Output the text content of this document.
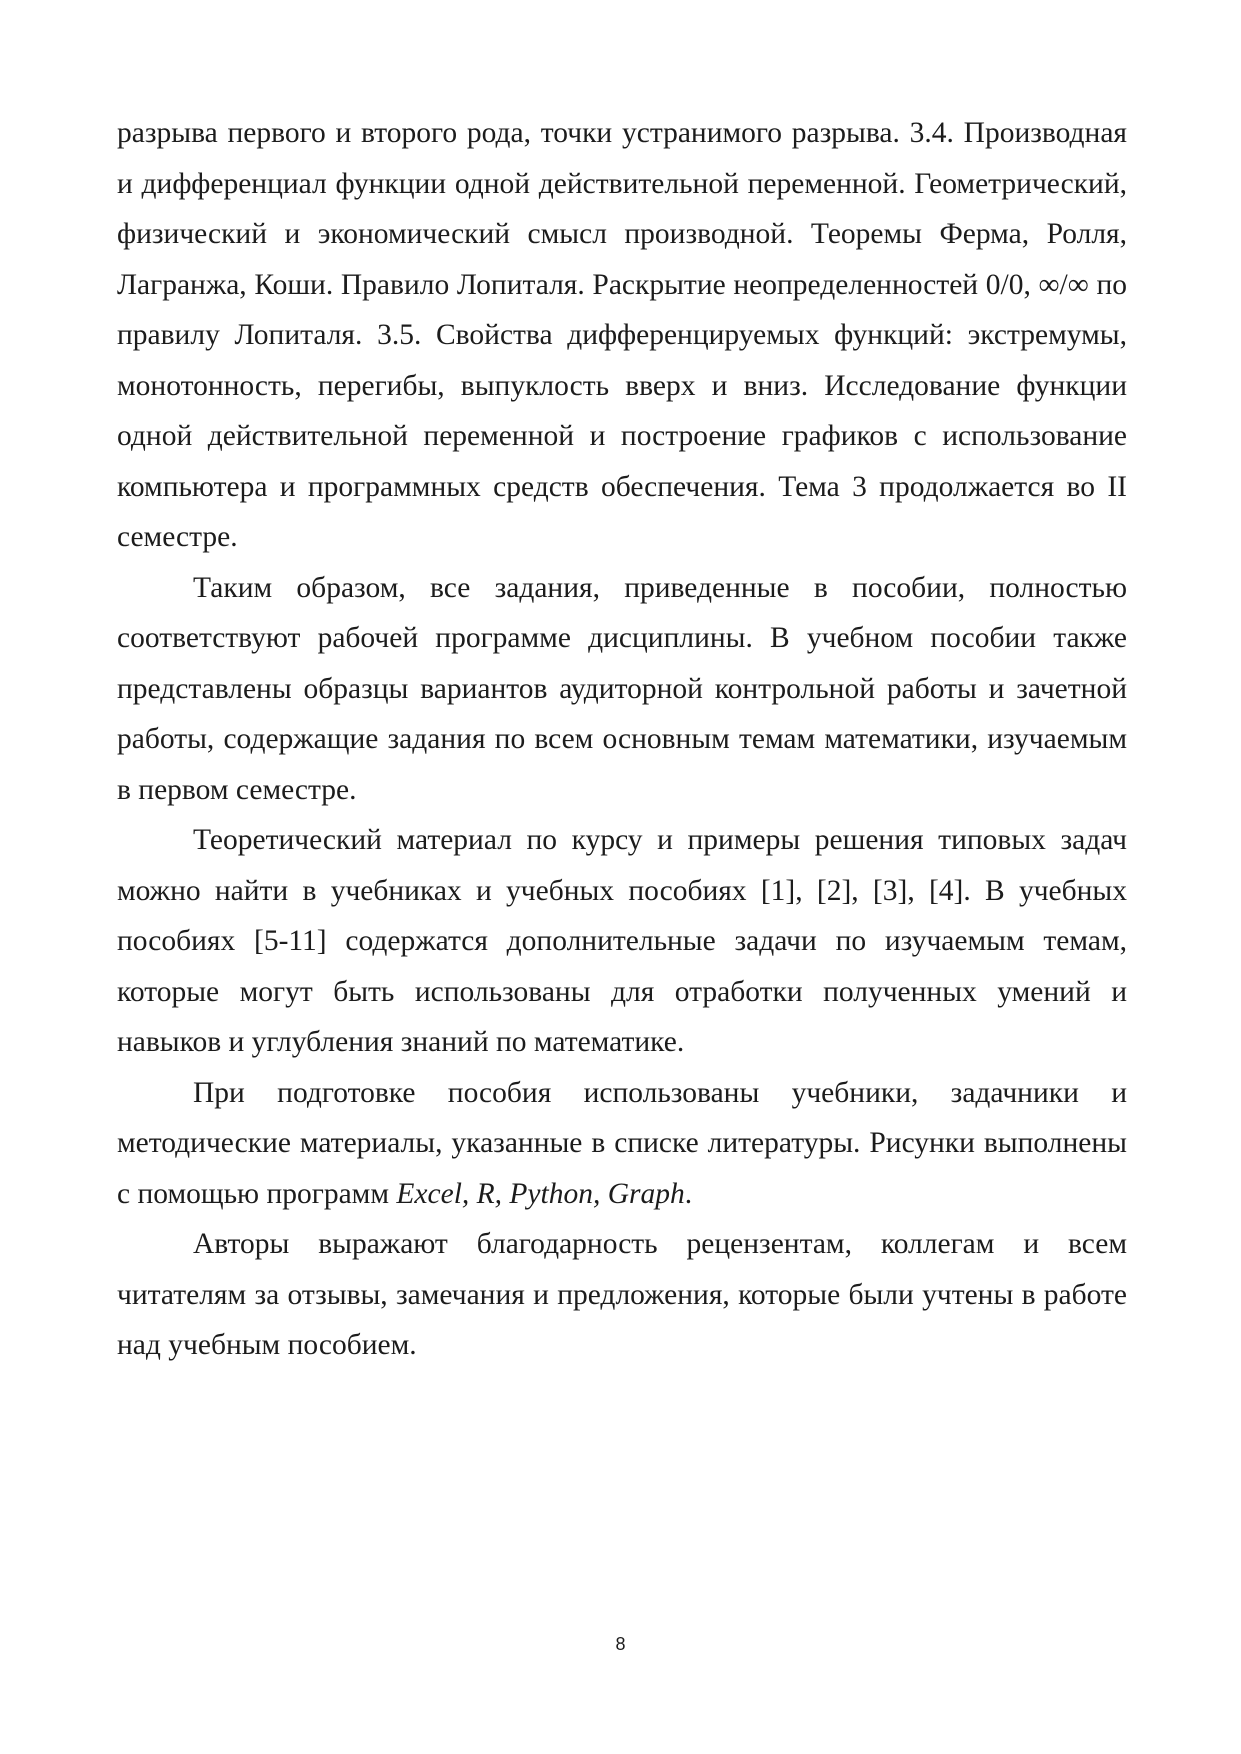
разрыва первого и второго рода, точки устранимого разрыва. 3.4. Производная и дифференциал функции одной действительной переменной. Геометрический, физический и экономический смысл производной. Теоремы Ферма, Ролля, Лагранжа, Коши. Правило Лопиталя. Раскрытие неопределенностей 0/0, ∞/∞ по правилу Лопиталя. 3.5. Свойства дифференцируемых функций: экстремумы, монотонность, перегибы, выпуклость вверх и вниз. Исследование функции одной действительной переменной и построение графиков с использование компьютера и программных средств обеспечения. Тема 3 продолжается во II семестре.

Таким образом, все задания, приведенные в пособии, полностью соответствуют рабочей программе дисциплины. В учебном пособии также представлены образцы вариантов аудиторной контрольной работы и зачетной работы, содержащие задания по всем основным темам математики, изучаемым в первом семестре.

Теоретический материал по курсу и примеры решения типовых задач можно найти в учебниках и учебных пособиях [1], [2], [3], [4]. В учебных пособиях [5-11] содержатся дополнительные задачи по изучаемым темам, которые могут быть использованы для отработки полученных умений и навыков и углубления знаний по математике.

При подготовке пособия использованы учебники, задачники и методические материалы, указанные в списке литературы. Рисунки выполнены с помощью программ Excel, R, Python, Graph.

Авторы выражают благодарность рецензентам, коллегам и всем читателям за отзывы, замечания и предложения, которые были учтены в работе над учебным пособием.

8
